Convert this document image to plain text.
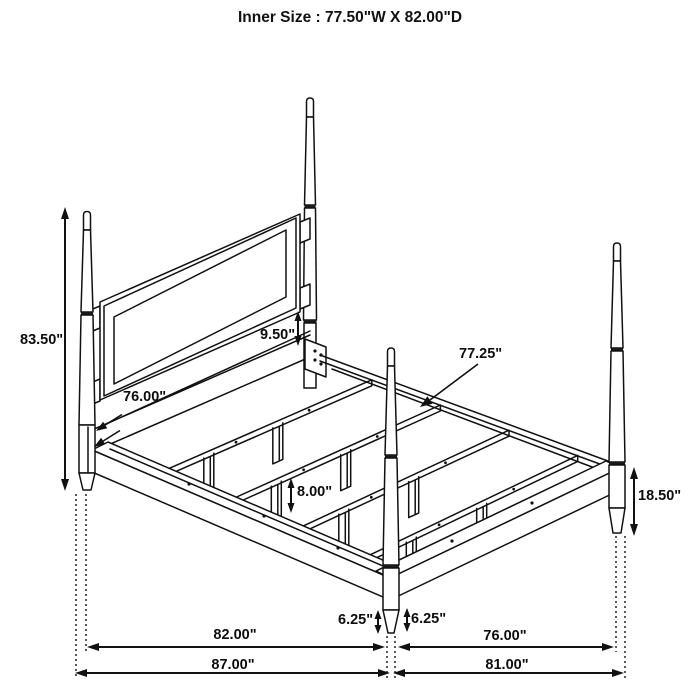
Inner Size : 77.50"W X 82.00"D
83.50"	9.50"
76.00"
77.25"
8.00"	18.50"
6.25"	6.25"
82.00"	76.00"
87.00"	81.00"
